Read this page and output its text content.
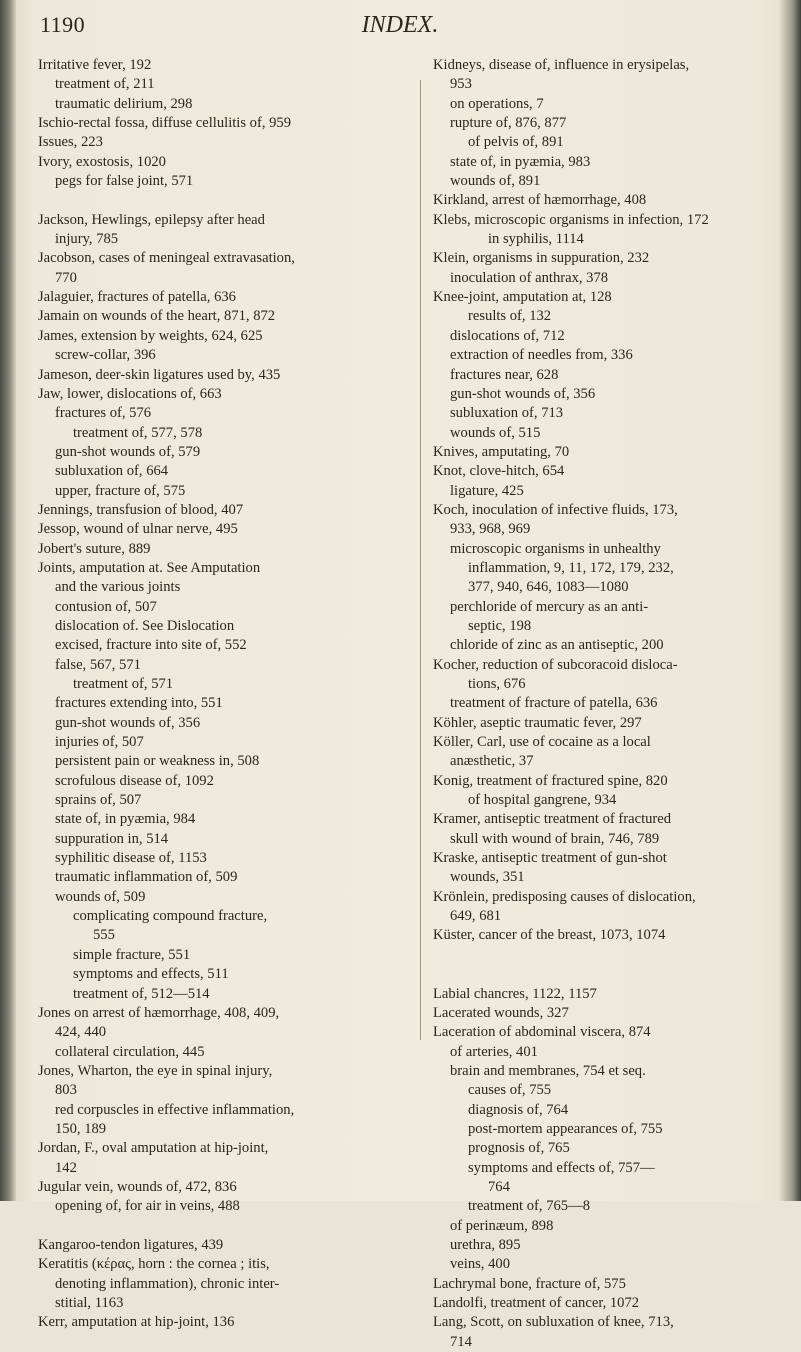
1190	INDEX.
Irritative fever, 192
treatment of, 211
traumatic delirium, 298
Ischio-rectal fossa, diffuse cellulitis of, 959
Issues, 223
Ivory, exostosis, 1020
pegs for false joint, 571
Jackson, Hewlings, epilepsy after head
injury, 785
Jacobson, cases of meningeal extravasation,
770
Jalaguier, fractures of patella, 636
Jamain on wounds of the heart, 871, 872
James, extension by weights, 624, 625
screw-collar, 396
Jameson, deer-skin ligatures used by, 435
Jaw, lower, dislocations of, 663
fractures of, 576
treatment of, 577, 578
gun-shot wounds of, 579
subluxation of, 664
upper, fracture of, 575
Jennings, transfusion of blood, 407
Jessop, wound of ulnar nerve, 495
Jobert's suture, 889
Joints, amputation at. See Amputation
and the various joints
contusion of, 507
dislocation of. See Dislocation
excised, fracture into site of, 552
false, 567, 571
treatment of, 571
fractures extending into, 551
gun-shot wounds of, 356
injuries of, 507
persistent pain or weakness in, 508
scrofulous disease of, 1092
sprains of, 507
state of, in pyæmia, 984
suppuration in, 514
syphilitic disease of, 1153
traumatic inflammation of, 509
wounds of, 509
complicating compound fracture,
555
simple fracture, 551
symptoms and effects, 511
treatment of, 512—514
Jones on arrest of hæmorrhage, 408, 409,
424, 440
collateral circulation, 445
Jones, Wharton, the eye in spinal injury,
803
red corpuscles in effective inflammation,
150, 189
Jordan, F., oval amputation at hip-joint,
142
Jugular vein, wounds of, 472, 836
opening of, for air in veins, 488
Kangaroo-tendon ligatures, 439
Keratitis (κέρας, horn : the cornea ; itis,
denoting inflammation), chronic inter-
stitial, 1163
Kerr, amputation at hip-joint, 136
Kidneys, disease of, influence in erysipelas,
953
on operations, 7
rupture of, 876, 877
of pelvis of, 891
state of, in pyæmia, 983
wounds of, 891
Kirkland, arrest of hæmorrhage, 408
Klebs, microscopic organisms in infection, 172
in syphilis, 1114
Klein, organisms in suppuration, 232
inoculation of anthrax, 378
Knee-joint, amputation at, 128
results of, 132
dislocations of, 712
extraction of needles from, 336
fractures near, 628
gun-shot wounds of, 356
subluxation of, 713
wounds of, 515
Knives, amputating, 70
Knot, clove-hitch, 654
ligature, 425
Koch, inoculation of infective fluids, 173,
933, 968, 969
microscopic organisms in unhealthy
inflammation, 9, 11, 172, 179, 232,
377, 940, 646, 1083—1080
perchloride of mercury as an anti-
septic, 198
chloride of zinc as an antiseptic, 200
Kocher, reduction of subcoracoid disloca-
tions, 676
treatment of fracture of patella, 636
Köhler, aseptic traumatic fever, 297
Köller, Carl, use of cocaine as a local
anæsthetic, 37
Konig, treatment of fractured spine, 820
of hospital gangrene, 934
Kramer, antiseptic treatment of fractured
skull with wound of brain, 746, 789
Kraske, antiseptic treatment of gun-shot
wounds, 351
Krönlein, predisposing causes of dislocation,
649, 681
Küster, cancer of the breast, 1073, 1074
Labial chancres, 1122, 1157
Lacerated wounds, 327
Laceration of abdominal viscera, 874
of arteries, 401
brain and membranes, 754 et seq.
causes of, 755
diagnosis of, 764
post-mortem appearances of, 755
prognosis of, 765
symptoms and effects of, 757—
764
treatment of, 765—8
of perinæum, 898
urethra, 895
veins, 400
Lachrymal bone, fracture of, 575
Landolfi, treatment of cancer, 1072
Lang, Scott, on subluxation of knee, 713,
714
